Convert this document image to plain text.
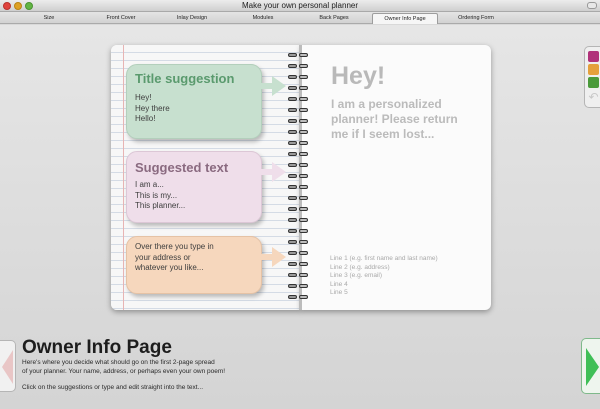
Make your own personal planner
Size	Front Cover	Inlay Design	Modules	Back Pages	Owner Info Page	Ordering Form
Hey!
I am a personalized planner! Please return me if I seem lost...
Line 1 (e.g. first name and last name)
Line 2 (e.g. address)
Line 3 (e.g. email)
Line 4
Line 5
Title suggestion
Hey!
Hey there
Hello!
Suggested text
I am a...
This is my...
This planner...
Over there you type in
your address or
whatever you like...
↶
Owner Info Page
Here's where you decide what should go on the first 2-page spread
of your planner. Your name, address, or perhaps even your own poem!
Click on the suggestions or type and edit straight into the text...
